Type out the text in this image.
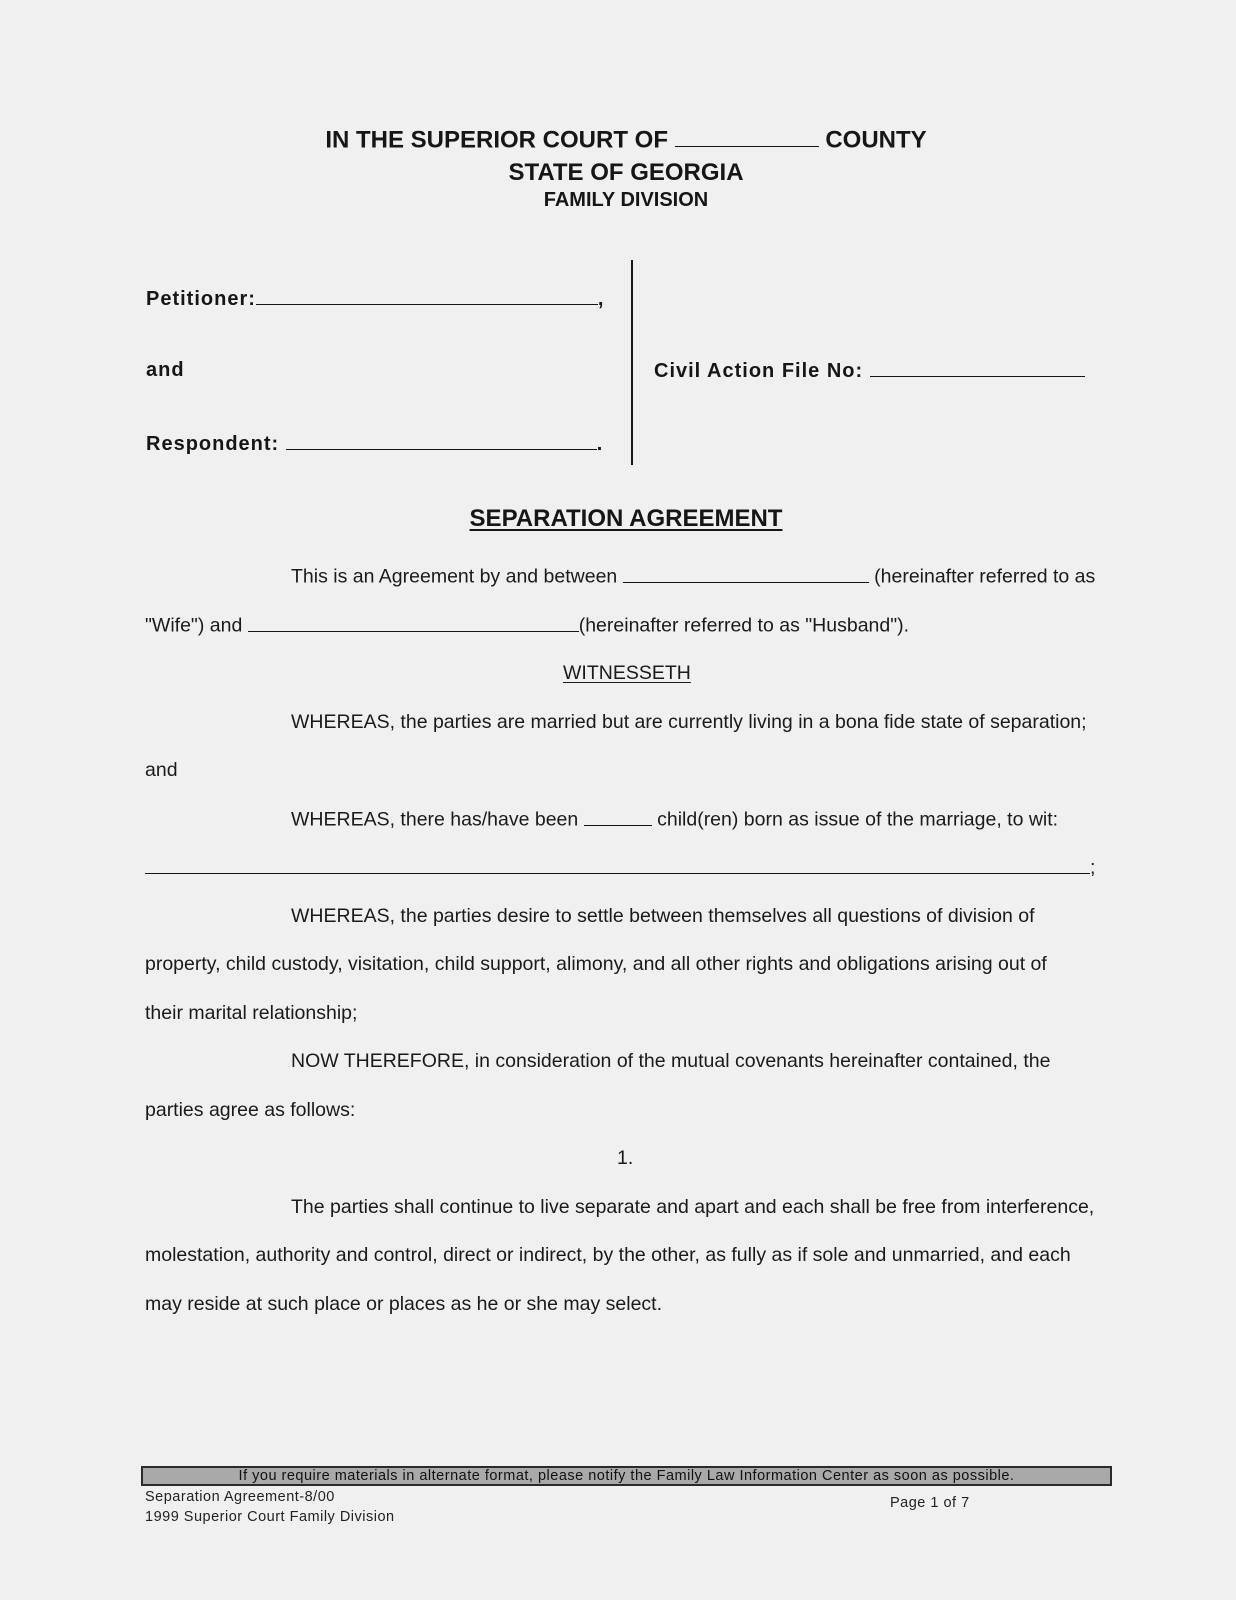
IN THE SUPERIOR COURT OF	COUNTY
STATE OF GEORGIA
FAMILY DIVISION
Petitioner:	,
and
Respondent:	.
Civil Action File No:
SEPARATION AGREEMENT
This is an Agreement by and between	(hereinafter referred to as
"Wife") and	(hereinafter referred to as "Husband").
WITNESSETH
WHEREAS, the parties are married but are currently living in a bona fide state of separation;
and
WHEREAS, there has/have been	child(ren) born as issue of the marriage, to wit:
;
WHEREAS, the parties desire to settle between themselves all questions of division of
property, child custody, visitation, child support, alimony, and all other rights and obligations arising out of
their marital relationship;
NOW THEREFORE, in consideration of the mutual covenants hereinafter contained, the
parties agree as follows:
1.
The parties shall continue to live separate and apart and each shall be free from interference,
molestation, authority and control, direct or indirect, by the other, as fully as if sole and unmarried, and each
may reside at such place or places as he or she may select.
If you require materials in alternate format, please notify the Family Law Information Center as soon as possible.
Separation Agreement-8/00
1999 Superior Court Family Division
Page 1 of 7
